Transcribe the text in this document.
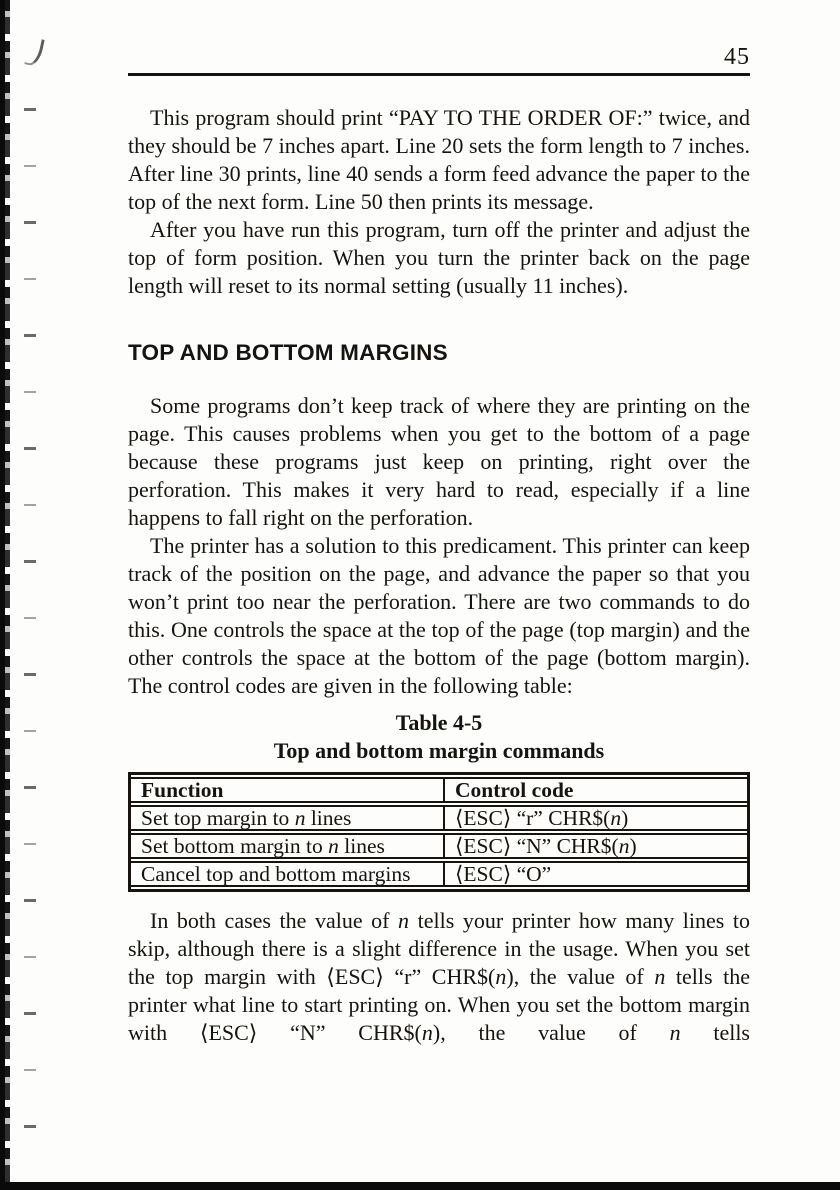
45

This program should print “PAY TO THE ORDER OF:” twice, and they should be 7 inches apart. Line 20 sets the form length to 7 inches. After line 30 prints, line 40 sends a form feed advance the paper to the top of the next form. Line 50 then prints its message.

After you have run this program, turn off the printer and adjust the top of form position. When you turn the printer back on the page length will reset to its normal setting (usually 11 inches).

TOP AND BOTTOM MARGINS

Some programs don’t keep track of where they are printing on the page. This causes problems when you get to the bottom of a page because these programs just keep on printing, right over the perforation. This makes it very hard to read, especially if a line happens to fall right on the perforation.

The printer has a solution to this predicament. This printer can keep track of the position on the page, and advance the paper so that you won’t print too near the perforation. There are two commands to do this. One controls the space at the top of the page (top margin) and the other controls the space at the bottom of the page (bottom margin). The control codes are given in the following table:

Table 4-5
Top and bottom margin commands
Function	Control code
Set top margin to n lines	⟨ESC⟩ “r” CHR$(n)
Set bottom margin to n lines	⟨ESC⟩ “N” CHR$(n)
Cancel top and bottom margins	⟨ESC⟩ “O”

In both cases the value of n tells your printer how many lines to skip, although there is a slight difference in the usage. When you set the top margin with ⟨ESC⟩ “r” CHR$(n), the value of n tells the printer what line to start printing on. When you set the bottom margin with ⟨ESC⟩ “N” CHR$(n), the value of n tells
